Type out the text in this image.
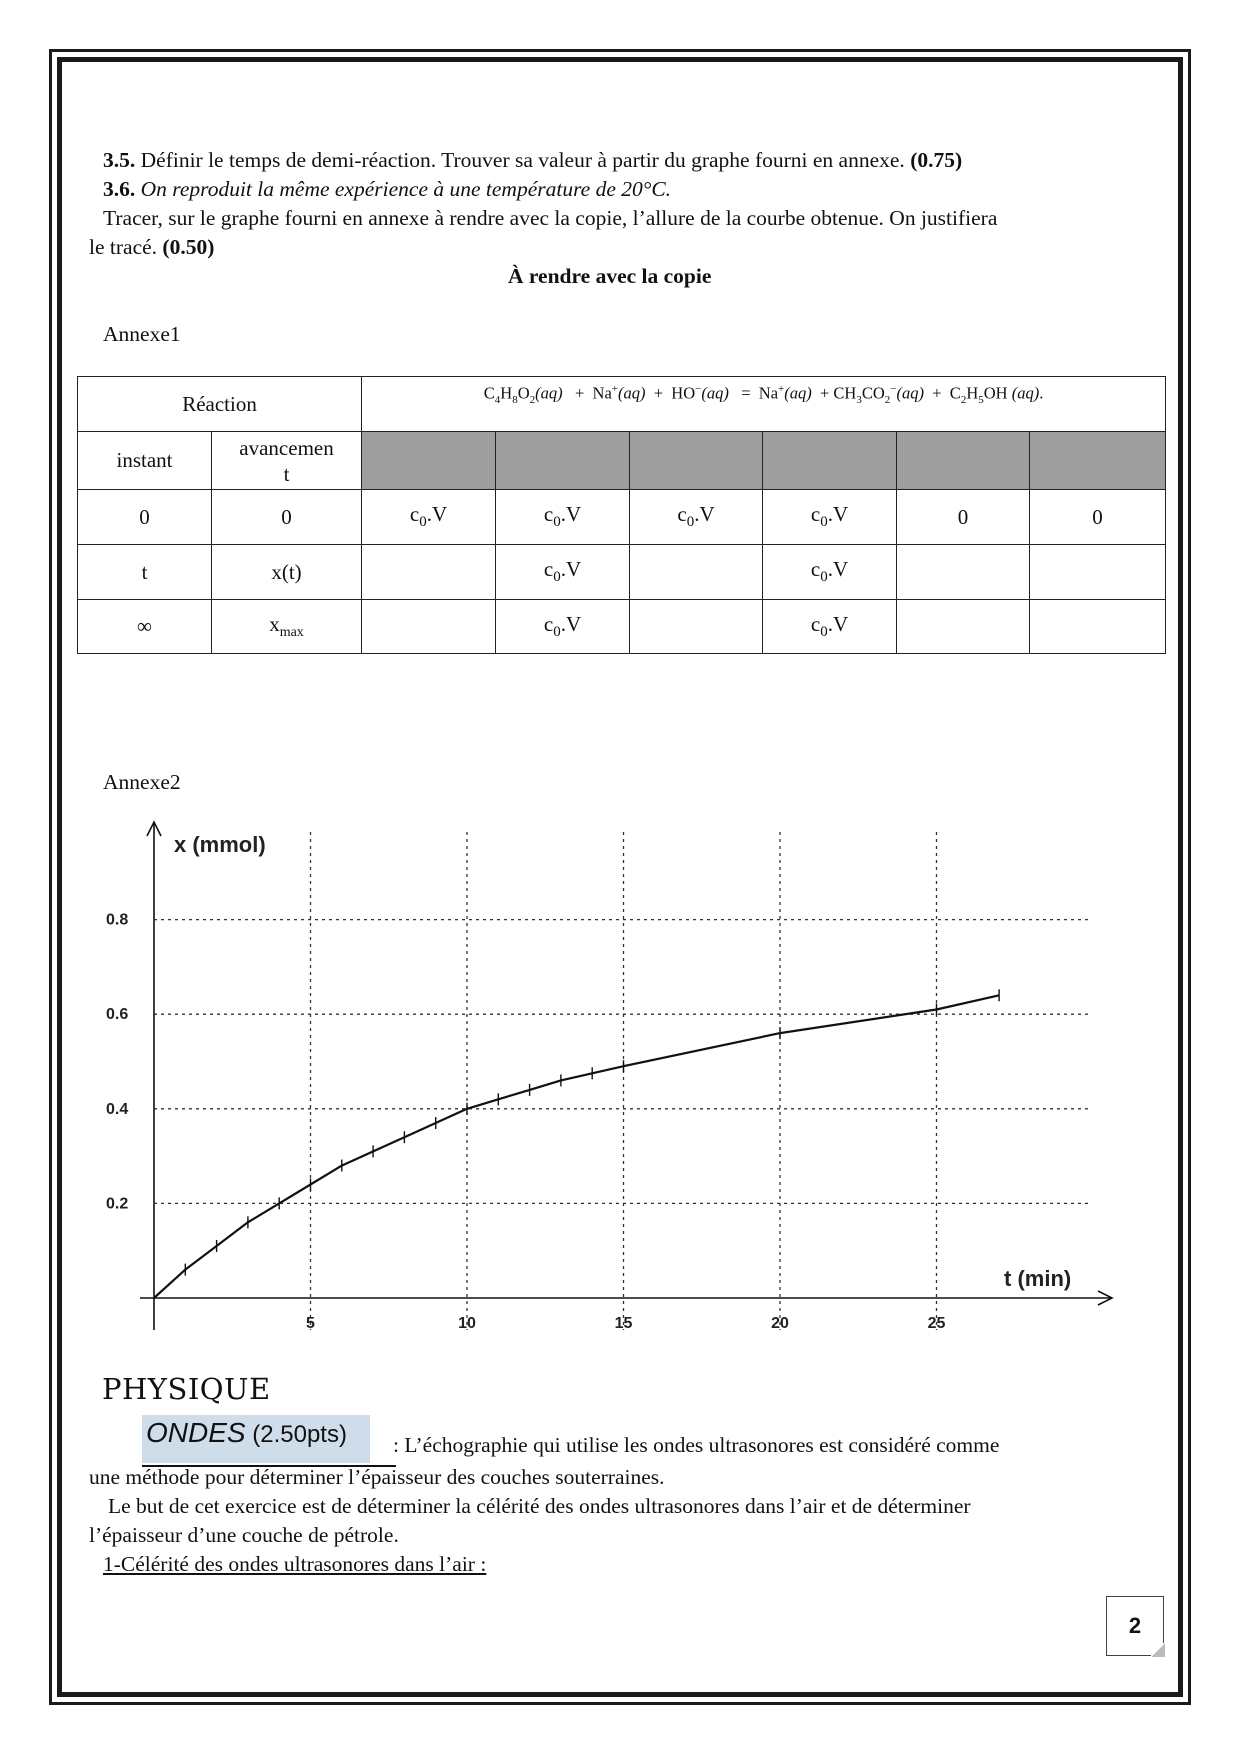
3.5. Définir le temps de demi-réaction. Trouver sa valeur à partir du graphe fourni en annexe. (0.75)
3.6. On reproduit la même expérience à une température de 20°C.
Tracer, sur le graphe fourni en annexe à rendre avec la copie, l’allure de la courbe obtenue. On justifiera
le tracé. (0.50)
À rendre avec la copie
Annexe1
Réaction		$C_4H_8O_2(aq) + Na^+(aq) + HO^-(aq) = Na^+(aq) + CH_3CO_2^-(aq) + C_2H_5OH$ (aq).					
instant	avancemen
t						
0	0	$c_0.V$	$c_0.V$	$c_0.V$	$c_0.V$	0	0
t	x(t)		$c_0.V$		$c_0.V$		
∞	$x_{max}$		$c_0.V$		$c_0.V$		
Annexe2
5	10	15	20	25
0.2
0.4
0.6
0.8
x (mmol)
t (min)
PHYSIQUE
ONDES (2.50pts) : L’échographie qui utilise les ondes ultrasonores est considéré comme
une méthode pour déterminer l’épaisseur des couches souterraines.
Le but de cet exercice est de déterminer la célérité des ondes ultrasonores dans l’air et de déterminer
l’épaisseur d’une couche de pétrole.
1-Célérité des ondes ultrasonores dans l’air :
2
